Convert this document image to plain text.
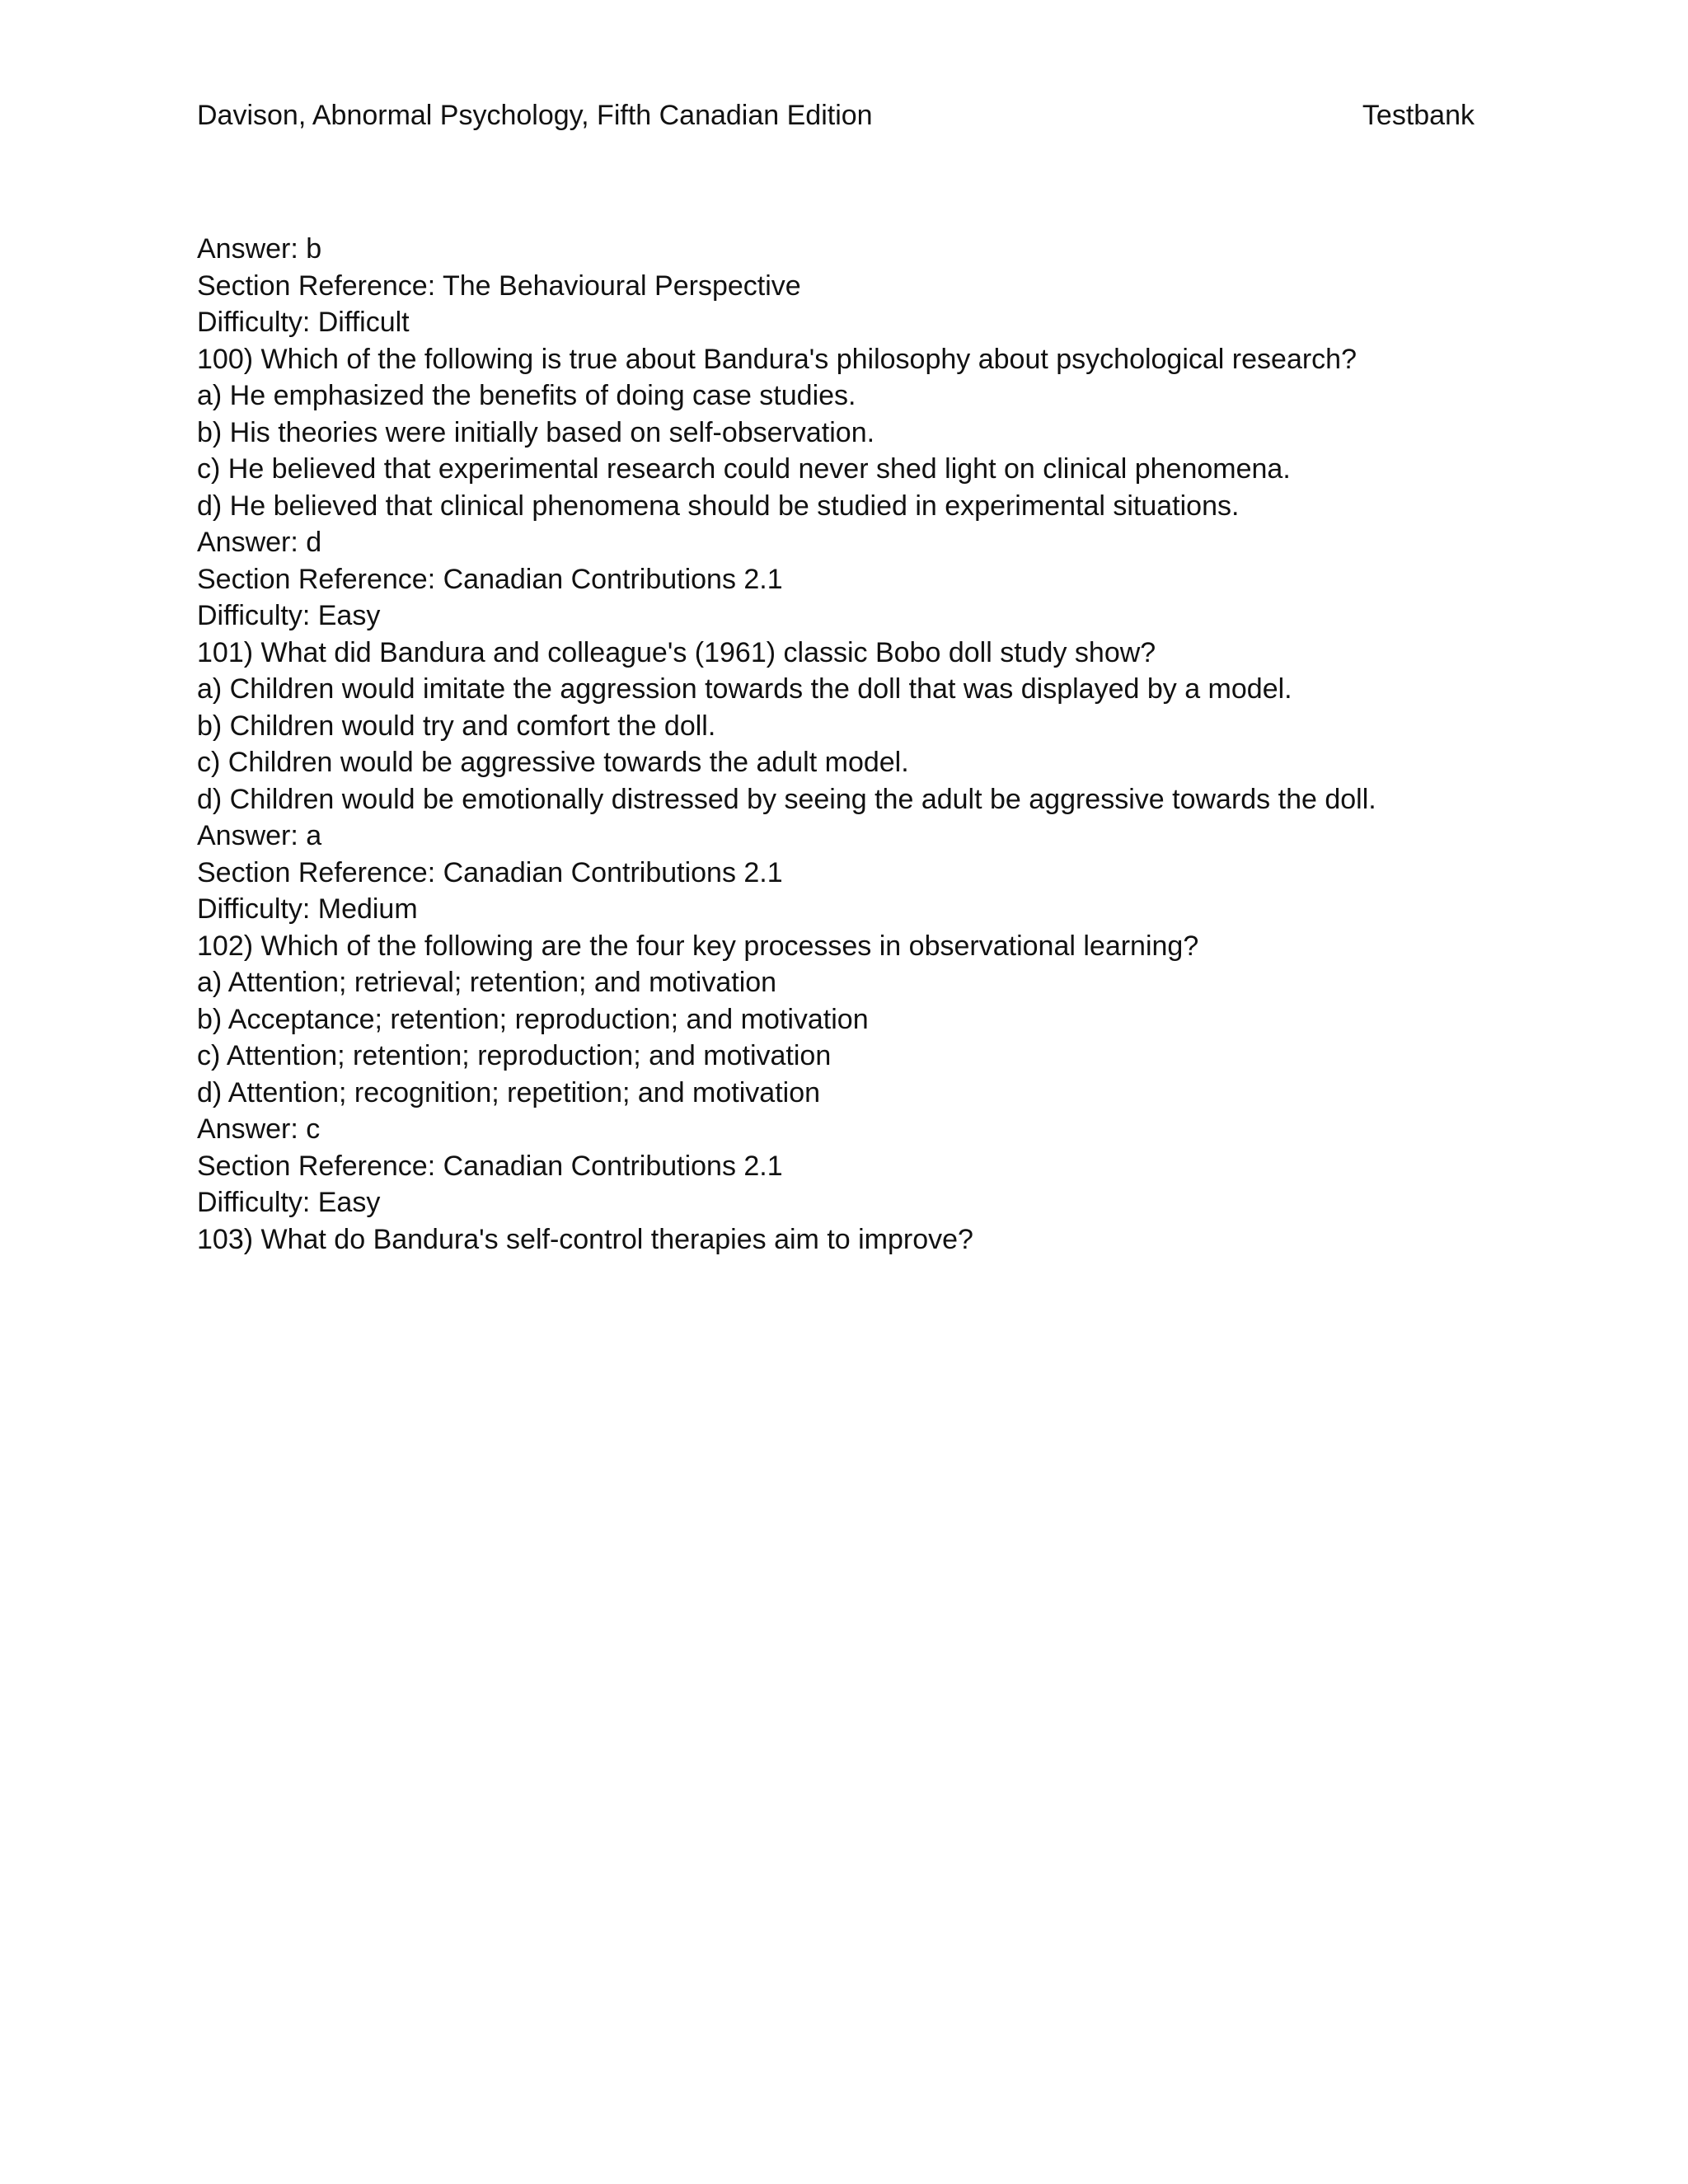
Davison, Abnormal Psychology, Fifth Canadian Edition	Testbank
Answer: b
Section Reference: The Behavioural Perspective
Difficulty: Difficult
100) Which of the following is true about Bandura's philosophy about psychological research?
a) He emphasized the benefits of doing case studies.
b) His theories were initially based on self-observation.
c) He believed that experimental research could never shed light on clinical phenomena.
d) He believed that clinical phenomena should be studied in experimental situations.
Answer: d
Section Reference: Canadian Contributions 2.1
Difficulty: Easy
101) What did Bandura and colleague's (1961) classic Bobo doll study show?
a) Children would imitate the aggression towards the doll that was displayed by a model.
b) Children would try and comfort the doll.
c) Children would be aggressive towards the adult model.
d) Children would be emotionally distressed by seeing the adult be aggressive towards the doll.
Answer: a
Section Reference: Canadian Contributions 2.1
Difficulty: Medium
102) Which of the following are the four key processes in observational learning?
a) Attention; retrieval; retention; and motivation
b) Acceptance; retention; reproduction; and motivation
c) Attention; retention; reproduction; and motivation
d) Attention; recognition; repetition; and motivation
Answer: c
Section Reference: Canadian Contributions 2.1
Difficulty: Easy
103) What do Bandura's self-control therapies aim to improve?
